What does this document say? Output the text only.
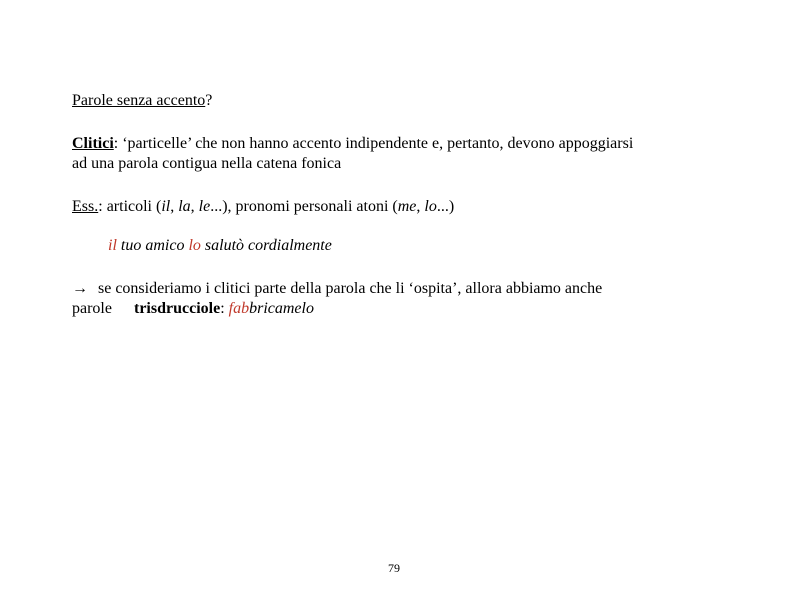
Parole senza accento?
Clitici: ‘particelle’ che non hanno accento indipendente e, pertanto, devono appoggiarsi
ad una parola contigua nella catena fonica
Ess.: articoli (il, la, le...), pronomi personali atoni (me, lo...)
il tuo amico lo salutò cordialmente
→ se consideriamo i clitici parte della parola che li ‘ospita’, allora abbiamo anche
parole trisdrucciole: fabbricamelo
79
